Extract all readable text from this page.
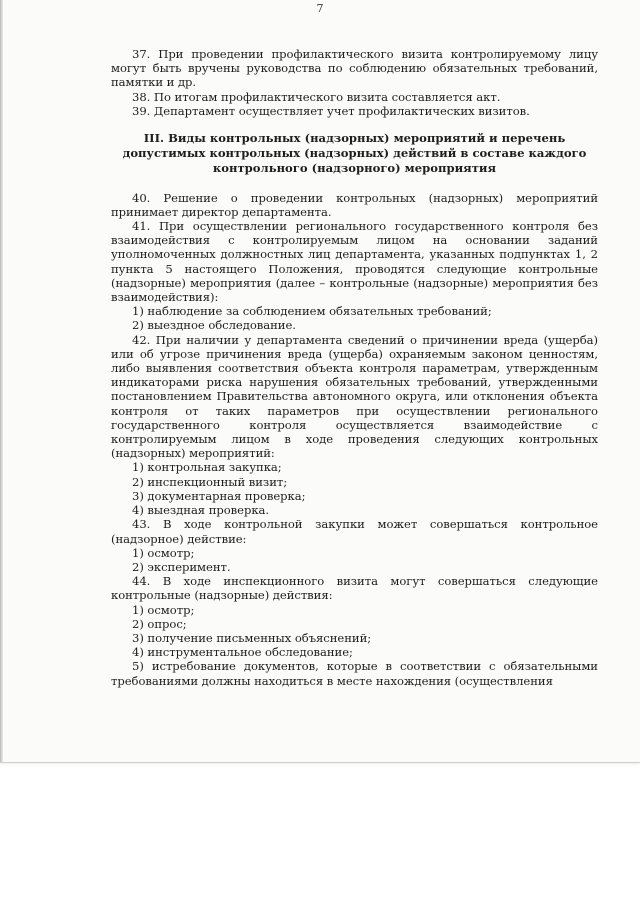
7

37. При проведении профилактического визита контролируемому лицу могут быть вручены руководства по соблюдению обязательных требований, памятки и др.

38. По итогам профилактического визита составляется акт.

39. Департамент осуществляет учет профилактических визитов.

III. Виды контрольных (надзорных) мероприятий и перечень допустимых контрольных (надзорных) действий в составе каждого контрольного (надзорного) мероприятия

40. Решение о проведении контрольных (надзорных) мероприятий принимает директор департамента.

41. При осуществлении регионального государственного контроля без взаимодействия с контролируемым лицом на основании заданий уполномоченных должностных лиц департамента, указанных подпунктах 1, 2 пункта 5 настоящего Положения, проводятся следующие контрольные (надзорные) мероприятия (далее – контрольные (надзорные) мероприятия без взаимодействия):

1) наблюдение за соблюдением обязательных требований;

2) выездное обследование.

42. При наличии у департамента сведений о причинении вреда (ущерба) или об угрозе причинения вреда (ущерба) охраняемым законом ценностям, либо выявления соответствия объекта контроля параметрам, утвержденным индикаторами риска нарушения обязательных требований, утвержденными постановлением Правительства автономного округа, или отклонения объекта контроля от таких параметров при осуществлении регионального государственного контроля осуществляется взаимодействие с контролируемым лицом в ходе проведения следующих контрольных (надзорных) мероприятий:

1) контрольная закупка;

2) инспекционный визит;

3) документарная проверка;

4) выездная проверка.

43. В ходе контрольной закупки может совершаться контрольное (надзорное) действие:

1) осмотр;

2) эксперимент.

44. В ходе инспекционного визита могут совершаться следующие контрольные (надзорные) действия:

1) осмотр;

2) опрос;

3) получение письменных объяснений;

4) инструментальное обследование;

5) истребование документов, которые в соответствии с обязательными требованиями должны находиться в месте нахождения (осуществления
